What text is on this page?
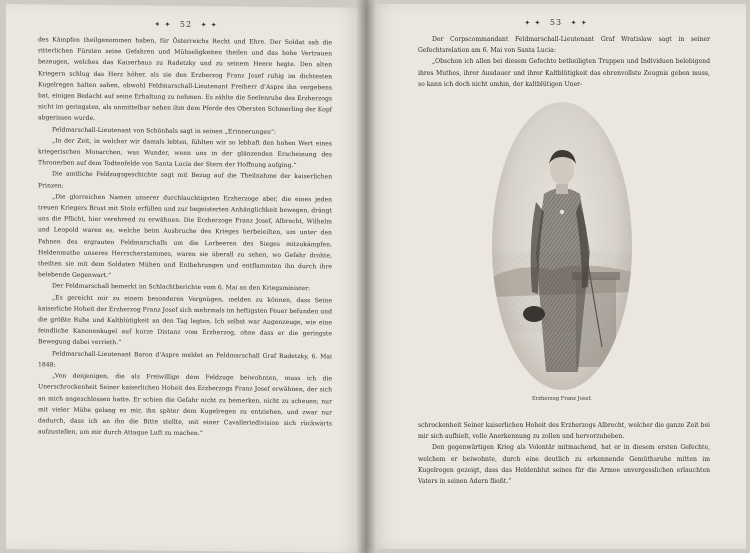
✦ ✦ 52 ✦ ✦

des Kämpfen theilgenommen haben, für Österreichs Recht und Ehre. Der Soldat sah die ritterlichen Fürsten seine Gefahren und Mühseligkeiten theilen und das hohe Vertrauen bezeugen, welches das Kaiserhaus zu Radetzky und zu seinem Heere hegte. Den alten Kriegern schlug das Herz höher, als sie den Erzherzog Franz Josef ruhig im dichtesten Kugelregen halten sahen, obwohl Feldmarschall-Lieutenant Freiherr d'Aspre ihn vergebens bat, einigen Bedacht auf seine Erhaltung zu nehmen. Es zählte die Seelenruhe des Erzherzogs nicht im geringsten, als unmittelbar neben ihm dem Pferde des Obersten Schmerling der Kopf abgerissen wurde.

Feldmarschall-Lieutenant von Schönhals sagt in seinen „Erinnerungen“:

„In der Zeit, in welcher wir damals lebten, fühlten wir so lebhaft den hohen Wert eines kriegerischen Monarchen, was Wunder, wenn uns in der glänzenden Erscheinung des Thronerben auf dem Todtenfelde von Santa Lucia der Stern der Hoffnung aufging.“

Die amtliche Feldzugsgeschichte sagt mit Bezug auf die Theilnahme der kaiserlichen Prinzen:

„Die glorreichen Namen unserer durchlauchtigsten Erzherzoge aber, die eines jeden treuen Kriegers Brust mit Stolz erfüllen und zur begeisterten Anhänglichkeit bewegen, drängt uns die Pflicht, hier verehrend zu erwähnen. Die Erzherzoge Franz Josef, Albrecht, Wilhelm und Leopold waren es, welche beim Ausbruche des Krieges herbeieilten, um unter den Fahnen des ergrauten Feldmarschalls um die Lorbeeren des Sieges mitzukämpfen. Heldenmuthe unseres Herrscherstammes, waren sie überall zu sehen, wo Gefahr drohte, theilten sie mit dem Soldaten Mühen und Entbehrungen und entflammten ihn durch ihre belebende Gegenwart.“

Der Feldmarschall bemerkt im Schlachtberichte vom 6. Mai an den Kriegsminister:

„Es gereicht mir zu einem besonderen Vergnügen, melden zu können, dass Seine kaiserliche Hoheit der Erzherzog Franz Josef sich mehrmals im heftigsten Feuer befunden und die größte Ruhe und Kaltblütigkeit an den Tag legten. Ich selbst war Augenzeuge, wie eine feindliche Kanonenkugel auf kurze Distanz vom Erzherzog, ohne dass er die geringste Bewegung dabei verrieth.“

Feldmarschall-Lieutenant Baron d'Aspre meldet an Feldmarschall Graf Radetzky, 6. Mai 1848:

„Von denjenigen, die als Freiwillige dem Feldzuge beiwohnten, muss ich die Unerschrockenheit Seiner kaiserlichen Hoheit des Erzherzogs Franz Josef erwähnen, der sich an mich angeschlossen hatte. Er schien die Gefahr nicht zu bemerken, nicht zu scheuen; nur mit vieler Mühe gelang es mir, ihn später dem Kugelregen zu entziehen, und zwar nur dadurch, dass ich an ihn die Bitte stellte, mit einer Cavalleriedivision sich rückwärts aufzustellen, um mir durch Attaque Luft zu machen.“

✦ ✦ 53 ✦ ✦

Der Corpscommandant Feldmarschall-Lieutenant Graf Wratislaw sagt in seiner Gefechtsrelation am 6. Mai von Santa Lucia:

„Obschon ich allen bei diesem Gefechte betheiligten Truppen und Individuen belobigend ihres Muthes, ihrer Ausdauer und ihrer Kaltblütigkeit das ehrenvollste Zeugnis geben muss, so kann ich doch nicht umhin, der kaltblütigen Uner-

Erzherzog Franz Josef.

schrockenheit Seiner kaiserlichen Hoheit des Erzherzogs Albrecht, welcher die ganze Zeit bei mir sich aufhielt, volle Anerkennung zu zollen und hervorzuheben.

Den gegenwärtigen Krieg als Volontär mitmachend, hat er in diesem ersten Gefechte, welchem er beiwohnte, durch eine deutlich zu erkennende Gemüthsruhe mitten im Kugelregen gezeigt, dass das Heldenblut seines für die Armee unvergesslichen erlauchten Vaters in seinen Adern fließt.“
